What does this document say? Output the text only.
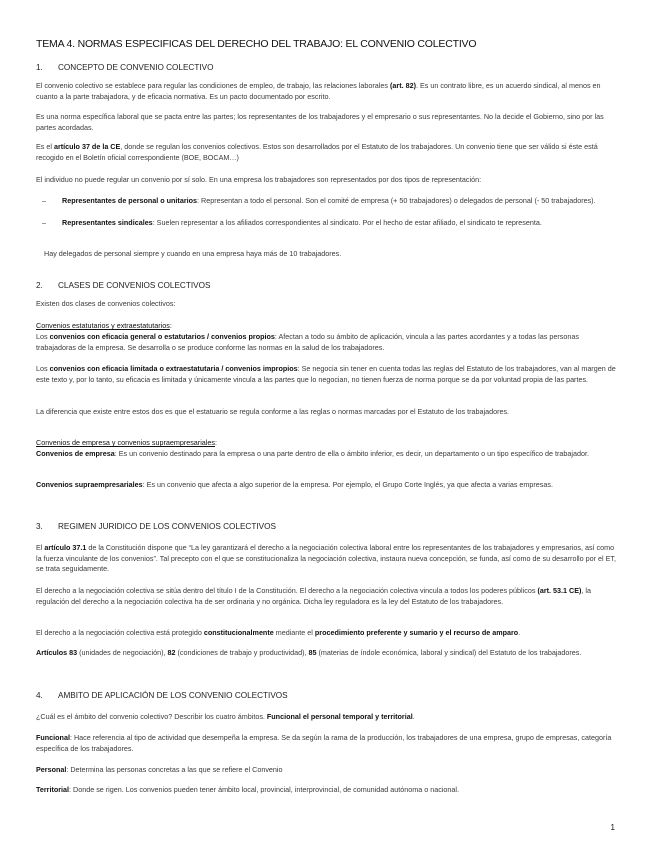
TEMA 4. NORMAS ESPECIFICAS DEL DERECHO DEL TRABAJO: EL CONVENIO COLECTIVO
1. CONCEPTO DE CONVENIO COLECTIVO
El convenio colectivo se establece para regular las condiciones de empleo, de trabajo, las relaciones laborales (art. 82). Es un contrato libre, es un acuerdo sindical, al menos en cuanto a la parte trabajadora, y de eficacia normativa. Es un pacto documentado por escrito.
Es una norma específica laboral que se pacta entre las partes; los representantes de los trabajadores y el empresario o sus representantes. No la decide el Gobierno, sino por las partes acordadas.
Es el artículo 37 de la CE, donde se regulan los convenios colectivos. Estos son desarrollados por el Estatuto de los trabajadores. Un convenio tiene que ser válido si éste está recogido en el Boletín oficial correspondiente (BOE, BOCAM…)
El individuo no puede regular un convenio por sí solo. En una empresa los trabajadores son representados por dos tipos de representación:
– Representantes de personal o unitarios: Representan a todo el personal. Son el comité de empresa (+ 50 trabajadores) o delegados de personal (- 50 trabajadores).
– Representantes sindicales: Suelen representar a los afiliados correspondientes al sindicato. Por el hecho de estar afiliado, el sindicato te representa.
Hay delegados de personal siempre y cuando en una empresa haya más de 10 trabajadores.
2. CLASES DE CONVENIOS COLECTIVOS
Existen dos clases de convenios colectivos:
Convenios estatutarios y extraestatutarios:
Los convenios con eficacia general o estatutarios / convenios propios: Afectan a todo su ámbito de aplicación, vincula a las partes acordantes y a todas las personas trabajadoras de la empresa. Se desarrolla o se produce conforme las normas en la salud de los trabajadores.
Los convenios con eficacia limitada o extraestatutaria / convenios impropios: Se negocia sin tener en cuenta todas las reglas del Estatuto de los trabajadores, van al margen de este texto y, por lo tanto, su eficacia es limitada y únicamente vincula a las partes que lo negocian, no tienen fuerza de norma porque se da por voluntad propia de las partes.
La diferencia que existe entre estos dos es que el estatuario se regula conforme a las reglas o normas marcadas por el Estatuto de los trabajadores.
Convenios de empresa y convenios supraempresariales:
Convenios de empresa: Es un convenio destinado para la empresa o una parte dentro de ella o ámbito inferior, es decir, un departamento o un tipo específico de trabajador.
Convenios supraempresariales: Es un convenio que afecta a algo superior de la empresa. Por ejemplo, el Grupo Corte Inglés, ya que afecta a varias empresas.
3. REGIMEN JURIDICO DE LOS CONVENIOS COLECTIVOS
El artículo 37.1 de la Constitución dispone que “La ley garantizará el derecho a la negociación colectiva laboral entre los representantes de los trabajadores y empresarios, así como la fuerza vinculante de los convenios”. Tal precepto con el que se constitucionaliza la negociación colectiva, instaura nueva concepción, se funda, así como de su desarrollo por el ET, se trata seguidamente.
El derecho a la negociación colectiva se sitúa dentro del título I de la Constitución. El derecho a la negociación colectiva vincula a todos los poderes públicos (art. 53.1 CE), la regulación del derecho a la negociación colectiva ha de ser ordinaria y no orgánica. Dicha ley reguladora es la ley del Estatuto de los trabajadores.
El derecho a la negociación colectiva está protegido constitucionalmente mediante el procedimiento preferente y sumario y el recurso de amparo.
Artículos 83 (unidades de negociación), 82 (condiciones de trabajo y productividad), 85 (materias de índole económica, laboral y sindical) del Estatuto de los trabajadores.
4. AMBITO DE APLICACIÓN DE LOS CONVENIO COLECTIVOS
¿Cuál es el ámbito del convenio colectivo? Describir los cuatro ámbitos. Funcional el personal temporal y territorial.
Funcional: Hace referencia al tipo de actividad que desempeña la empresa. Se da según la rama de la producción, los trabajadores de una empresa, grupo de empresas, categoría específica de los trabajadores.
Personal: Determina las personas concretas a las que se refiere el Convenio
Territorial: Donde se rigen. Los convenios pueden tener ámbito local, provincial, interprovincial, de comunidad autónoma o nacional.
1
